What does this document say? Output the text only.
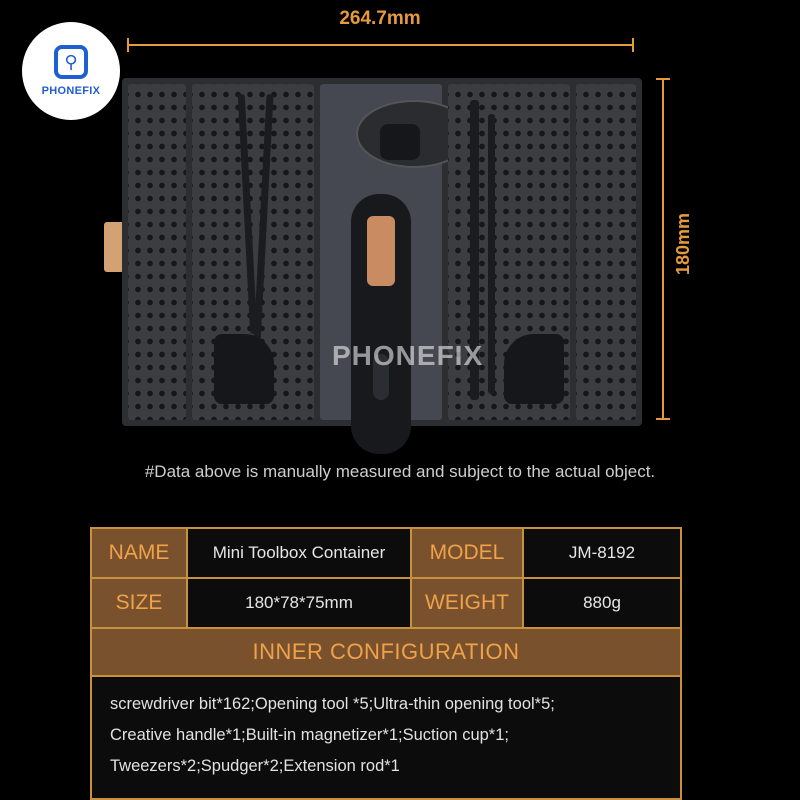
⚲
PHONEFIX
264.7mm
PHONEFIX
180mm
#Data above is manually measured and subject to the actual object.
NAME	Mini Toolbox Container	MODEL	JM-8192
SIZE	180*78*75mm	WEIGHT	880g
INNER CONFIGURATION
screwdriver bit*162;Opening tool *5;Ultra-thin opening tool*5;
Creative handle*1;Built-in magnetizer*1;Suction cup*1;
Tweezers*2;Spudger*2;Extension rod*1
